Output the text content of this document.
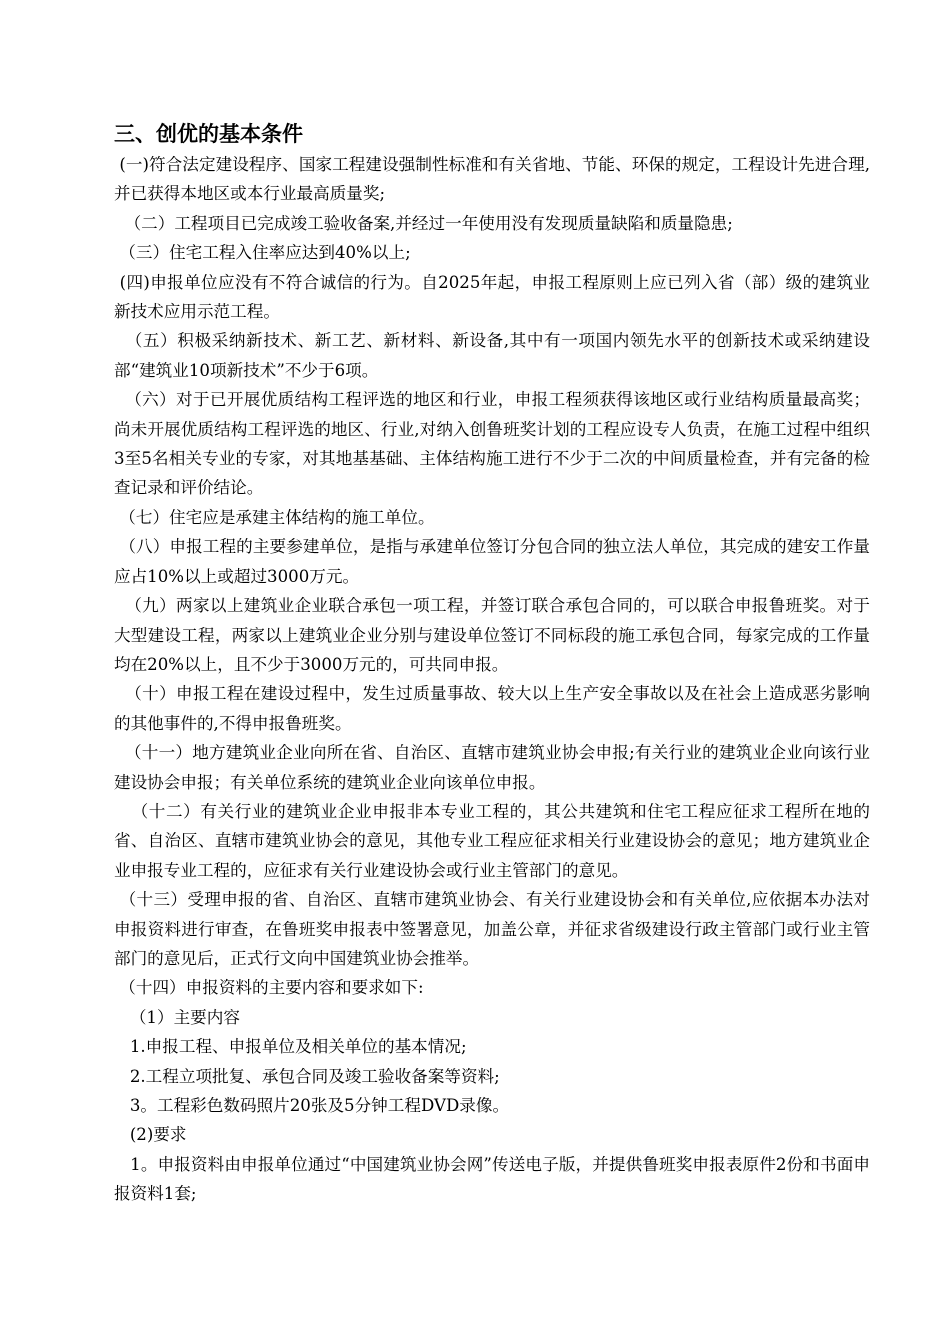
三、创优的基本条件

(一)符合法定建设程序、国家工程建设强制性标准和有关省地、节能、环保的规定，工程设计先进合理,并已获得本地区或本行业最高质量奖;

（二）工程项目已完成竣工验收备案,并经过一年使用没有发现质量缺陷和质量隐患;

（三）住宅工程入住率应达到40%以上;

(四)申报单位应没有不符合诚信的行为。自2025年起，申报工程原则上应已列入省（部）级的建筑业新技术应用示范工程。

（五）积极采纳新技术、新工艺、新材料、新设备,其中有一项国内领先水平的创新技术或采纳建设部“建筑业10项新技术”不少于6项。

（六）对于已开展优质结构工程评选的地区和行业，申报工程须获得该地区或行业结构质量最高奖；尚未开展优质结构工程评选的地区、行业,对纳入创鲁班奖计划的工程应设专人负责，在施工过程中组织3至5名相关专业的专家，对其地基基础、主体结构施工进行不少于二次的中间质量检查，并有完备的检查记录和评价结论。

（七）住宅应是承建主体结构的施工单位。

（八）申报工程的主要参建单位，是指与承建单位签订分包合同的独立法人单位，其完成的建安工作量应占10%以上或超过3000万元。

（九）两家以上建筑业企业联合承包一项工程，并签订联合承包合同的，可以联合申报鲁班奖。对于大型建设工程，两家以上建筑业企业分别与建设单位签订不同标段的施工承包合同，每家完成的工作量均在20%以上，且不少于3000万元的，可共同申报。

（十）申报工程在建设过程中，发生过质量事故、较大以上生产安全事故以及在社会上造成恶劣影响的其他事件的,不得申报鲁班奖。

（十一）地方建筑业企业向所在省、自治区、直辖市建筑业协会申报;有关行业的建筑业企业向该行业建设协会申报；有关单位系统的建筑业企业向该单位申报。

（十二）有关行业的建筑业企业申报非本专业工程的，其公共建筑和住宅工程应征求工程所在地的省、自治区、直辖市建筑业协会的意见，其他专业工程应征求相关行业建设协会的意见；地方建筑业企业申报专业工程的，应征求有关行业建设协会或行业主管部门的意见。

（十三）受理申报的省、自治区、直辖市建筑业协会、有关行业建设协会和有关单位,应依据本办法对申报资料进行审查，在鲁班奖申报表中签署意见，加盖公章，并征求省级建设行政主管部门或行业主管部门的意见后，正式行文向中国建筑业协会推举。

（十四）申报资料的主要内容和要求如下:

（1）主要内容

1.申报工程、申报单位及相关单位的基本情况;

2.工程立项批复、承包合同及竣工验收备案等资料;

3。工程彩色数码照片20张及5分钟工程DVD录像。

(2)要求

1。申报资料由申报单位通过“中国建筑业协会网”传送电子版，并提供鲁班奖申报表原件2份和书面申报资料1套;
